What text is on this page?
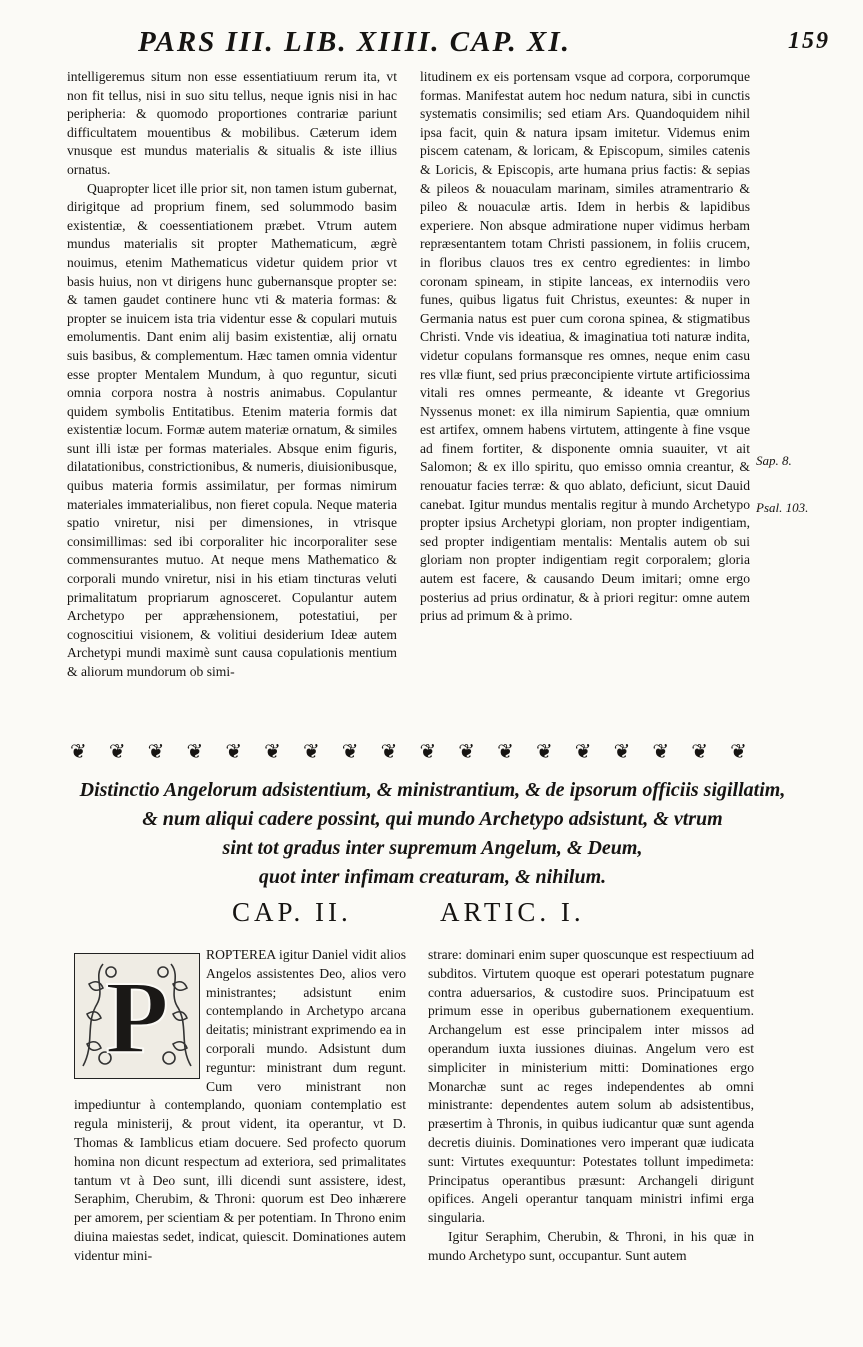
PARS III. LIB. XIIII. CAP. XI.	159

intelligeremus situm non esse essentiatiuum rerum ita, vt non fit tellus, nisi in suo situ tellus, neque ignis nisi in hac peripheria: & quomodo proportiones contrariæ pariunt difficultatem mouentibus & mobilibus. Cæterum idem vnusque est mundus materialis & situalis & iste illius ornatus.

Quapropter licet ille prior sit, non tamen istum gubernat, dirigitque ad proprium finem, sed solummodo basim existentiæ, & coessentiationem præbet. Vtrum autem mundus materialis sit propter Mathematicum, ægrè nouimus, etenim Mathematicus videtur quidem prior vt basis huius, non vt dirigens hunc gubernansque propter se: & tamen gaudet continere hunc vti & materia formas: & propter se inuicem ista tria videntur esse & copulari mutuis emolumentis. Dant enim alij basim existentiæ, alij ornatu suis basibus, & complementum. Hæc tamen omnia videntur esse propter Mentalem Mundum, à quo reguntur, sicuti omnia corpora nostra à nostris animabus. Copulantur quidem symbolis Entitatibus. Etenim materia formis dat existentiæ locum. Formæ autem materiæ ornatum, & similes sunt illi istæ per formas materiales. Absque enim figuris, dilatationibus, constrictionibus, & numeris, diuisionibusque, quibus materia formis assimilatur, per formas nimirum materiales immaterialibus, non fieret copula. Neque materia spatio vniretur, nisi per dimensiones, in vtrisque consimillimas: sed ibi corporaliter hic incorporaliter sese commensurantes mutuo. At neque mens Mathematico & corporali mundo vniretur, nisi in his etiam tincturas veluti primalitatum propriarum agnosceret. Copulantur autem Archetypo per appræhensionem, potestatiui, per cognoscitiui visionem, & volitiui desiderium Ideæ autem Archetypi mundi maximè sunt causa copulationis mentium & aliorum mundorum ob simi-

litudinem ex eis portensam vsque ad corpora, corporumque formas. Manifestat autem hoc nedum natura, sibi in cunctis systematis consimilis; sed etiam Ars. Quandoquidem nihil ipsa facit, quin & natura ipsam imitetur. Videmus enim piscem catenam, & loricam, & Episcopum, similes catenis & Loricis, & Episcopis, arte humana prius factis: & sepias & pileos & nouaculam marinam, similes atramentrario & pileo & nouaculæ artis. Idem in herbis & lapidibus experiere. Non absque admiratione nuper vidimus herbam repræsentantem totam Christi passionem, in foliis crucem, in floribus clauos tres ex centro egredientes: in limbo coronam spineam, in stipite lanceas, ex internodiis vero funes, quibus ligatus fuit Christus, exeuntes: & nuper in Germania natus est puer cum corona spinea, & stigmatibus Christi. Vnde vis ideatiua, & imaginatiua toti naturæ indita, videtur copulans formansque res omnes, neque enim casu res vllæ fiunt, sed prius præconcipiente virtute artificiossima vitali res omnes permeante, & ideante vt Gregorius Nyssenus monet: ex illa nimirum Sapientia, quæ omnium est artifex, omnem habens virtutem, attingente à fine vsque ad finem fortiter, & disponente omnia suauiter, vt ait Salomon; & ex illo spiritu, quo emisso omnia creantur, & renouatur facies terræ: & quo ablato, deficiunt, sicut Dauid canebat. Igitur mundus mentalis regitur à mundo Archetypo propter ipsius Archetypi gloriam, non propter indigentiam, sed propter indigentiam mentalis: Mentalis autem ob sui gloriam non propter indigentiam regit corporalem; gloria autem est facere, & causando Deum imitari; omne ergo posterius ad prius ordinatur, & à priori regitur: omne autem prius ad primum & à primo.

Sap. 8.
Psal. 103.
❦ ❦ ❦ ❦ ❦ ❦ ❦ ❦ ❦ ❦ ❦ ❦ ❦ ❦ ❦ ❦ ❦ ❦
Distinctio Angelorum adsistentium, & ministrantium, & de ipsorum officiis sigillatim,
& num aliqui cadere possint, qui mundo Archetypo adsistunt, & vtrum
sint tot gradus inter supremum Angelum, & Deum,
quot inter infimam creaturam, & nihilum.
CAP. II.	ARTIC. I.
P
ROPTEREA igitur Daniel vidit alios Angelos assistentes Deo, alios vero ministrantes; adsistunt enim contemplando in Archetypo arcana deitatis; ministrant exprimendo ea in corporali mundo. Adsistunt dum reguntur: ministrant dum regunt. Cum vero ministrant non impediuntur à contemplando, quoniam contemplatio est regula ministerij, & prout vident, ita operantur, vt D. Thomas & Iamblicus etiam docuere. Sed profecto quorum homina non dicunt respectum ad exteriora, sed primalitates tantum vt à Deo sunt, illi dicendi sunt assistere, idest, Seraphim, Cherubim, & Throni: quorum est Deo inhærere per amorem, per scientiam & per potentiam. In Throno enim diuina maiestas sedet, indicat, quiescit. Dominationes autem videntur mini-

strare: dominari enim super quoscunque est respectiuum ad subditos. Virtutem quoque est operari potestatum pugnare contra aduersarios, & custodire suos. Principatuum est primum esse in operibus gubernationem exequentium. Archangelum est esse principalem inter missos ad operandum iuxta iussiones diuinas. Angelum vero est simpliciter in ministerium mitti: Dominationes ergo Monarchæ sunt ac reges independentes ab omni ministrante: dependentes autem solum ab adsistentibus, præsertim à Thronis, in quibus iudicantur quæ sunt agenda decretis diuinis. Dominationes vero imperant quæ iudicata sunt: Virtutes exequuntur: Potestates tollunt impedimeta: Principatus operantibus præsunt: Archangeli dirigunt opifices. Angeli operantur tanquam ministri infimi erga singularia.

Igitur Seraphim, Cherubin, & Throni, in his quæ in mundo Archetypo sunt, occupantur. Sunt autem
